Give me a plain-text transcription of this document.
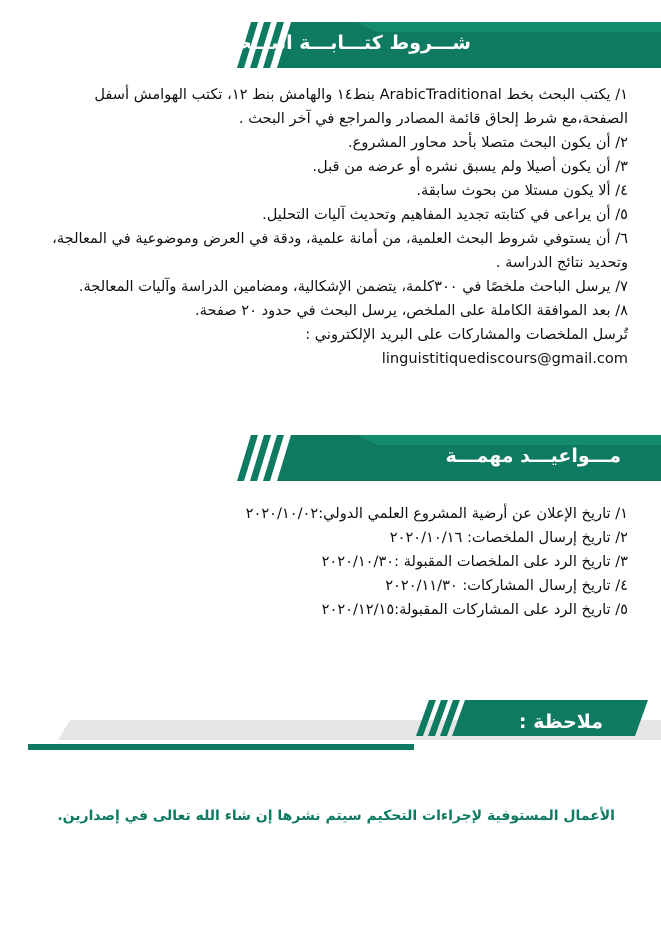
شـــروط كتـــابـــة البـــحث

١/ يكتب البحث بخط ArabicTraditional بنط١٤ والهامش بنط ١٢، تكتب الهوامش أسفل الصفحة،مع شرط إلحاق قائمة المصادر والمراجع في آخر البحث .

٢/ أن يكون البحث متصلا بأحد محاور المشروع.

٣/ أن يكون أصيلا ولم يسبق نشره أو عرضه من قبل.

٤/ ألا يكون مستلا من بحوث سابقة.

٥/ أن يراعى في كتابته تجديد المفاهيم وتحديث آليات التحليل.

٦/ أن يستوفي شروط البحث العلمية، من أمانة علمية، ودقة في العرض وموضوعية في المعالجة، وتحديد نتائج الدراسة .

٧/ يرسل الباحث ملخصًا في ٣٠٠كلمة، يتضمن الإشكالية، ومضامين الدراسة وآليات المعالجة.

٨/ بعد الموافقة الكاملة على الملخص، يرسل البحث في حدود ٢٠ صفحة.

تُرسل الملخصات والمشاركات على البريد الإلكتروني :

linguistitiquediscours@gmail.com

مـــواعيـــد مهمـــة

١/ تاريخ الإعلان عن أرضية المشروع العلمي الدولي:٢٠٢٠/١٠/٠٢

٢/ تاريخ إرسال الملخصات: ٢٠٢٠/١٠/١٦

٣/ تاريخ الرد على الملخصات المقبولة :٢٠٢٠/١٠/٣٠

٤/ تاريخ إرسال المشاركات: ٢٠٢٠/١١/٣٠

٥/ تاريخ الرد على المشاركات المقبولة:٢٠٢٠/١٢/١٥

ملاحظة :
الأعمال المستوفية لإجراءات التحكيم سيتم نشرها إن شاء الله تعالى في إصدارين.
